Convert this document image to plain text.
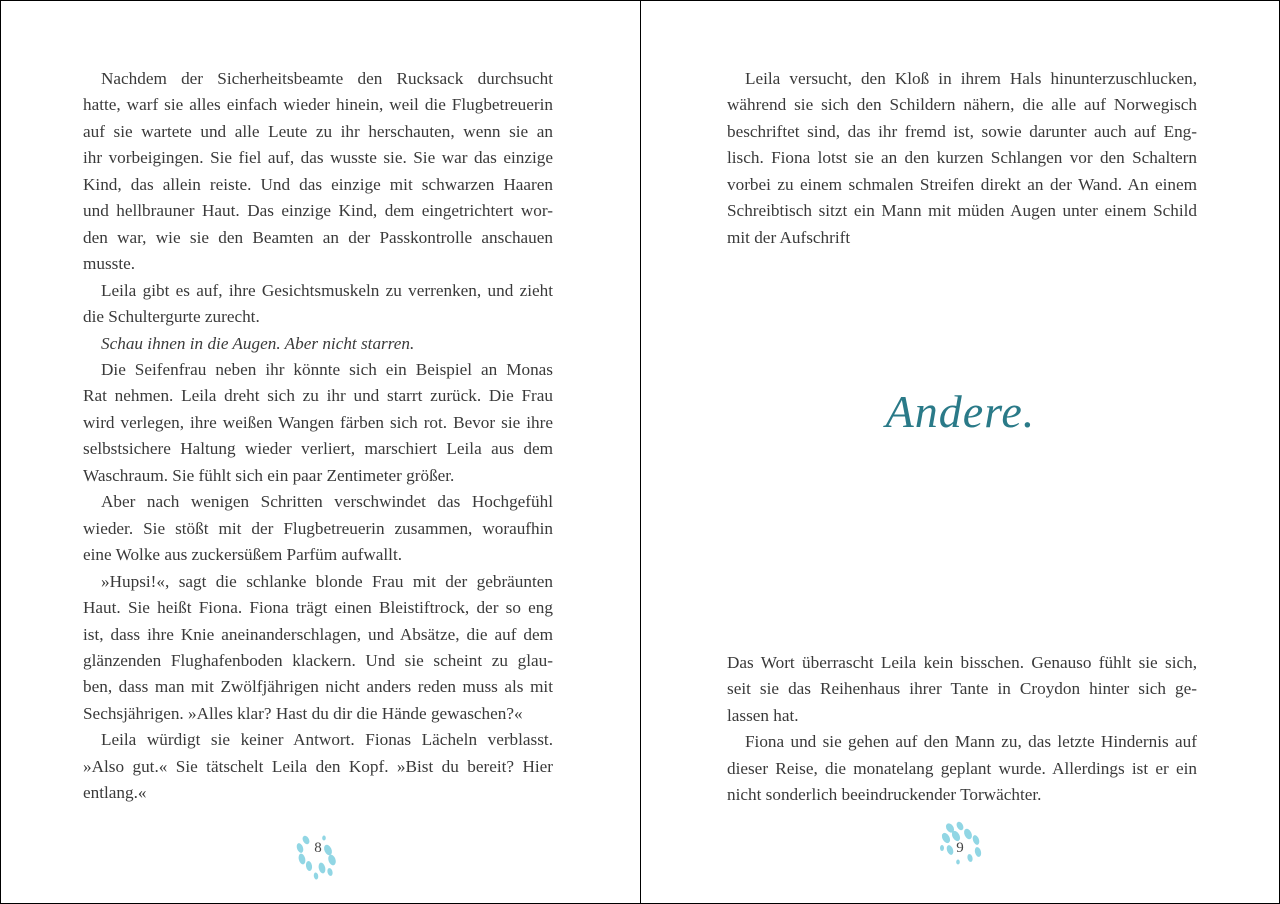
Nachdem der Sicherheitsbeamte den Rucksack durchsucht
hatte, warf sie alles einfach wieder hinein, weil die Flugbetreuerin
auf sie wartete und alle Leute zu ihr herschauten, wenn sie an
ihr vorbeigingen. Sie fiel auf, das wusste sie. Sie war das einzige
Kind, das allein reiste. Und das einzige mit schwarzen Haaren
und hellbrauner Haut. Das einzige Kind, dem eingetrichtert wor-
den war, wie sie den Beamten an der Passkontrolle anschauen
musste.
Leila gibt es auf, ihre Gesichtsmuskeln zu verrenken, und zieht
die Schultergurte zurecht.
Schau ihnen in die Augen. Aber nicht starren.
Die Seifenfrau neben ihr könnte sich ein Beispiel an Monas
Rat nehmen. Leila dreht sich zu ihr und starrt zurück. Die Frau
wird verlegen, ihre weißen Wangen färben sich rot. Bevor sie ihre
selbstsichere Haltung wieder verliert, marschiert Leila aus dem
Waschraum. Sie fühlt sich ein paar Zentimeter größer.
Aber nach wenigen Schritten verschwindet das Hochgefühl
wieder. Sie stößt mit der Flugbetreuerin zusammen, woraufhin
eine Wolke aus zuckersüßem Parfüm aufwallt.
»Hupsi!«, sagt die schlanke blonde Frau mit der gebräunten
Haut. Sie heißt Fiona. Fiona trägt einen Bleistiftrock, der so eng
ist, dass ihre Knie aneinanderschlagen, und Absätze, die auf dem
glänzenden Flughafenboden klackern. Und sie scheint zu glau-
ben, dass man mit Zwölfjährigen nicht anders reden muss als mit
Sechsjährigen. »Alles klar? Hast du dir die Hände gewaschen?«
Leila würdigt sie keiner Antwort. Fionas Lächeln verblasst.
»Also gut.« Sie tätschelt Leila den Kopf. »Bist du bereit? Hier
entlang.«
8
Leila versucht, den Kloß in ihrem Hals hinunterzuschlucken,
während sie sich den Schildern nähern, die alle auf Norwegisch
beschriftet sind, das ihr fremd ist, sowie darunter auch auf Eng-
lisch. Fiona lotst sie an den kurzen Schlangen vor den Schaltern
vorbei zu einem schmalen Streifen direkt an der Wand. An einem
Schreibtisch sitzt ein Mann mit müden Augen unter einem Schild
mit der Aufschrift
Andere.
Das Wort überrascht Leila kein bisschen. Genauso fühlt sie sich,
seit sie das Reihenhaus ihrer Tante in Croydon hinter sich ge-
lassen hat.
Fiona und sie gehen auf den Mann zu, das letzte Hindernis auf
dieser Reise, die monatelang geplant wurde. Allerdings ist er ein
nicht sonderlich beeindruckender Torwächter.
9
